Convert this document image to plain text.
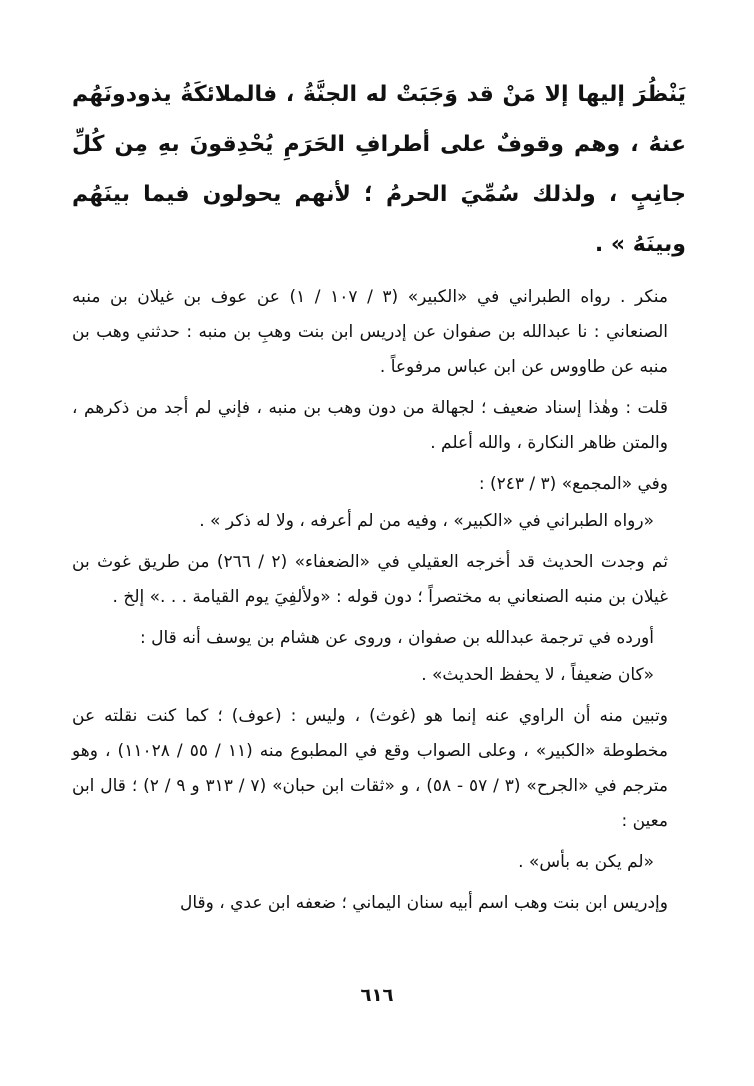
يَنْظُرَ إليها إلا مَنْ قد وَجَبَتْ له الجنَّةُ ، فالملائكَةُ يذودونَهُم عنهُ ، وهم وقوفٌ على أطرافِ الحَرَمِ يُحْدِقونَ بهِ مِن كُلِّ جانِبٍ ، ولذلك سُمِّيَ الحرمُ ؛ لأنهم يحولون فيما بينَهُم وبينَهُ » .

منكر . رواه الطبراني في «الكبير» (٣ / ١٠٧ / ١) عن عوف بن غيلان بن منبه الصنعاني : نا عبدالله بن صفوان عن إدريس ابن بنت وهبِ بن منبه : حدثني وهب بن منبه عن طاووس عن ابن عباس مرفوعاً .

قلت : وهٰذا إسناد ضعيف ؛ لجهالة من دون وهب بن منبه ، فإني لم أجد من ذكرهم ، والمتن ظاهر النكارة ، والله أعلم .

وفي «المجمع» (٣ / ٢٤٣) :

«رواه الطبراني في «الكبير» ، وفيه من لم أعرفه ، ولا له ذكر » .

ثم وجدت الحديث قد أخرجه العقيلي في «الضعفاء» (٢ / ٢٦٦) من طريق غوث بن غيلان بن منبه الصنعاني به مختصراً ؛ دون قوله : «ولألفِيَ يوم القيامة . . .» إلخ .

أورده في ترجمة عبدالله بن صفوان ، وروى عن هشام بن يوسف أنه قال :

«كان ضعيفاً ، لا يحفظ الحديث» .

وتبين منه أن الراوي عنه إنما هو (غوث) ، وليس : (عوف) ؛ كما كنت نقلته عن مخطوطة «الكبير» ، وعلى الصواب وقع في المطبوع منه (١١ / ٥٥ / ١١٠٢٨) ، وهو مترجم في «الجرح» (٣ / ٥٧ - ٥٨) ، و «ثقات ابن حبان» (٧ / ٣١٣ و ٩ / ٢) ؛ قال ابن معين :

«لم يكن به بأس» .

وإدريس ابن بنت وهب اسم أبيه سنان اليماني ؛ ضعفه ابن عدي ، وقال

٦١٦
